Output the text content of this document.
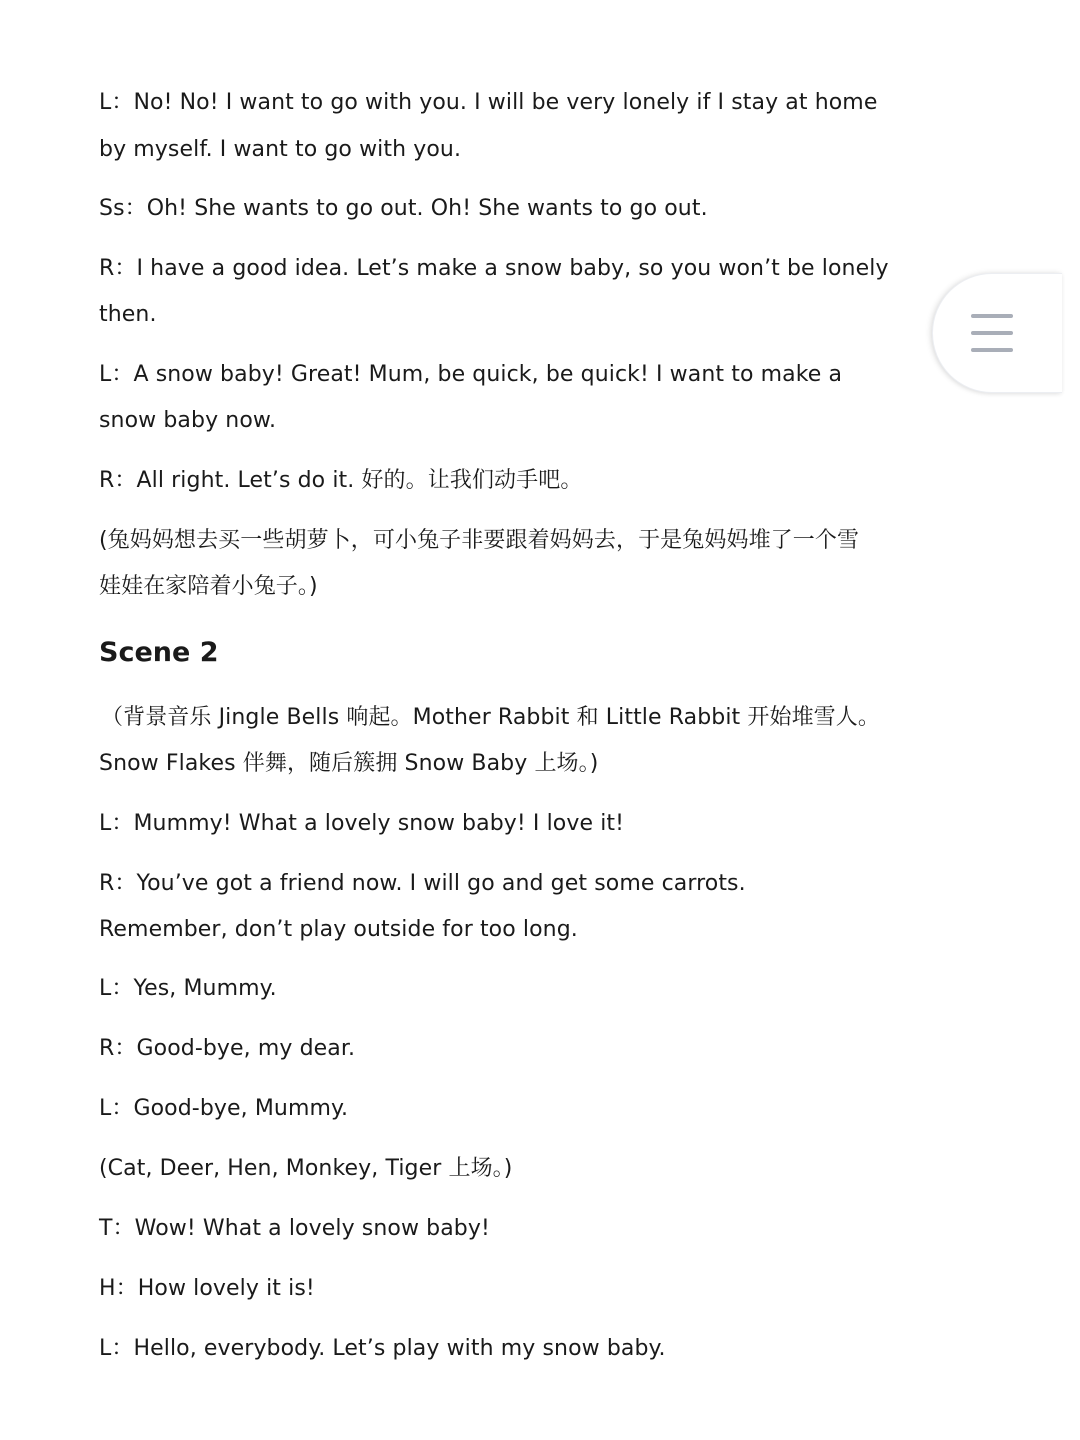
L：No! No! I want to go with you. I will be very lonely if I stay at home

by myself. I want to go with you.

Ss：Oh! She wants to go out. Oh! She wants to go out.

R：I have a good idea. Let’s make a snow baby, so you won’t be lonely

then.

L：A snow baby! Great! Mum, be quick, be quick! I want to make a

snow baby now.

R：All right. Let’s do it. 好的。让我们动手吧。

(兔妈妈想去买一些胡萝卜，可小兔子非要跟着妈妈去，于是兔妈妈堆了一个雪

娃娃在家陪着小兔子。)

Scene 2

（背景音乐 Jingle Bells 响起。Mother Rabbit 和 Little Rabbit 开始堆雪人。

Snow Flakes 伴舞，随后簇拥 Snow Baby 上场。)

L：Mummy! What a lovely snow baby! I love it!

R：You’ve got a friend now. I will go and get some carrots.

Remember, don’t play outside for too long.

L：Yes, Mummy.

R：Good-bye, my dear.

L：Good-bye, Mummy.

(Cat, Deer, Hen, Monkey, Tiger 上场。)

T：Wow! What a lovely snow baby!

H：How lovely it is!

L：Hello, everybody. Let’s play with my snow baby.
